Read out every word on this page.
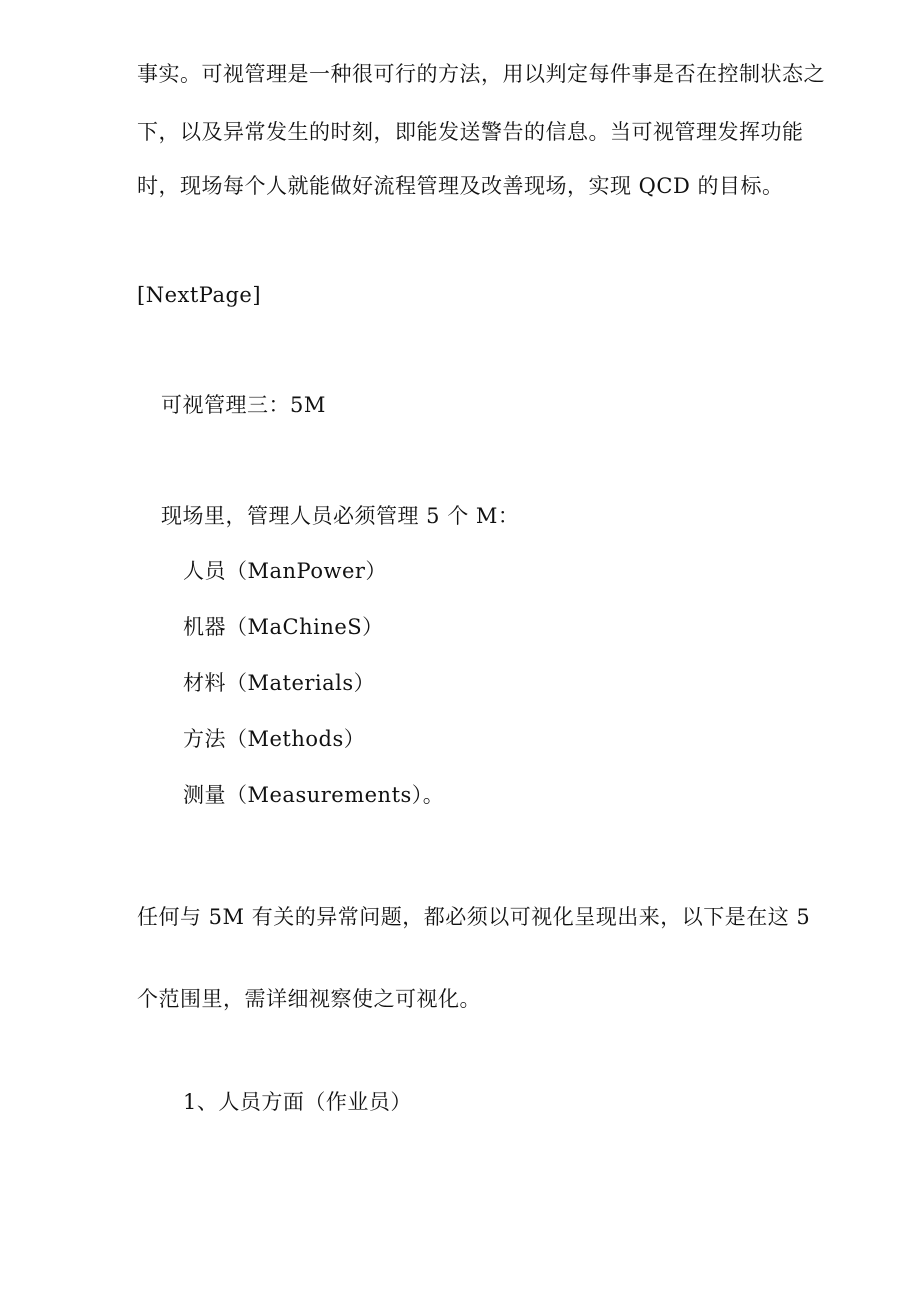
事实。可视管理是一种很可行的方法，用以判定每件事是否在控制状态之
下，以及异常发生的时刻，即能发送警告的信息。当可视管理发挥功能
时，现场每个人就能做好流程管理及改善现场，实现 QCD 的目标。
[NextPage]
可视管理三：5M
现场里，管理人员必须管理 5 个 M：
人员（ManPower）
机器（MaChineS）
材料（Materials）
方法（Methods）
测量（Measurements）。
任何与 5M 有关的异常问题，都必须以可视化呈现出来，以下是在这 5
个范围里，需详细视察使之可视化。
1、人员方面（作业员）
